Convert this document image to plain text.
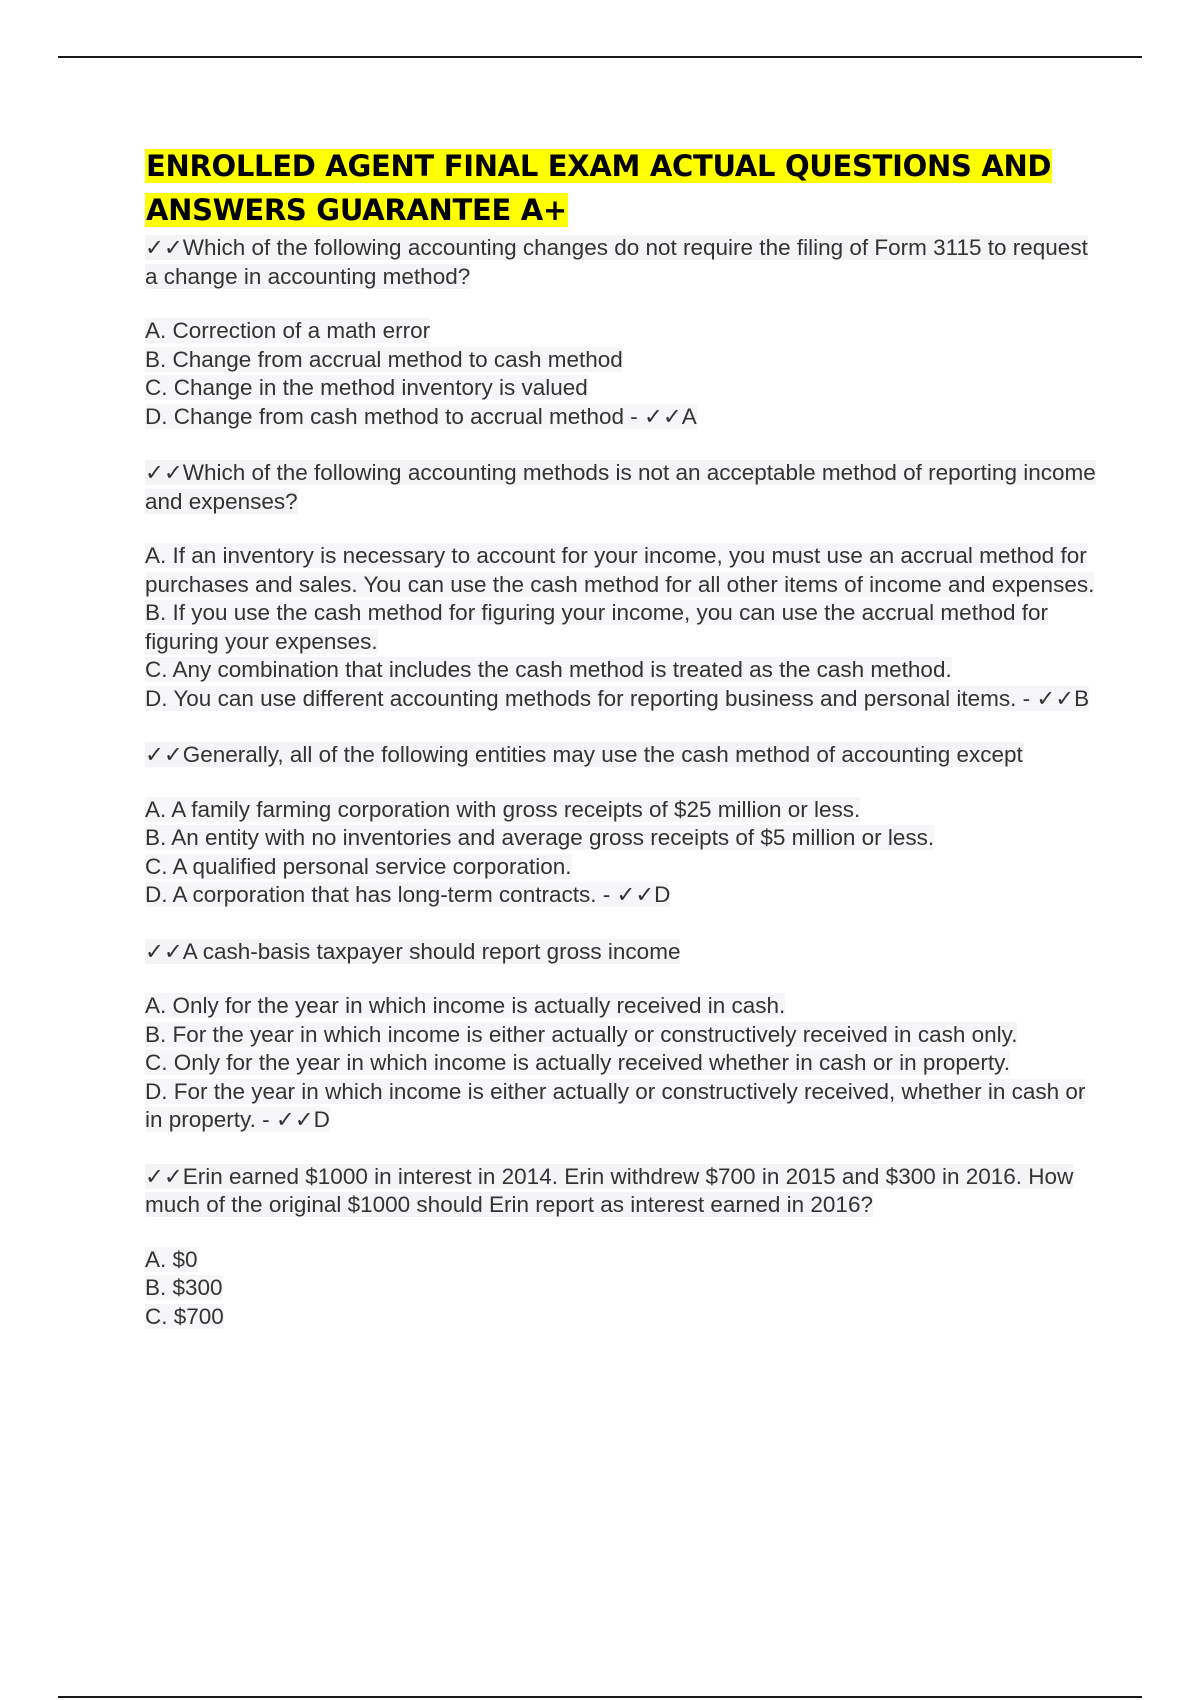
ENROLLED AGENT FINAL EXAM ACTUAL QUESTIONS AND ANSWERS GUARANTEE A+

✓✓Which of the following accounting changes do not require the filing of Form 3115 to request a change in accounting method?

A. Correction of a math error
B. Change from accrual method to cash method
C. Change in the method inventory is valued
D. Change from cash method to accrual method - ✓✓A

✓✓Which of the following accounting methods is not an acceptable method of reporting income and expenses?

A. If an inventory is necessary to account for your income, you must use an accrual method for purchases and sales. You can use the cash method for all other items of income and expenses.
B. If you use the cash method for figuring your income, you can use the accrual method for figuring your expenses.
C. Any combination that includes the cash method is treated as the cash method.
D. You can use different accounting methods for reporting business and personal items. - ✓✓B

✓✓Generally, all of the following entities may use the cash method of accounting except

A. A family farming corporation with gross receipts of $25 million or less.
B. An entity with no inventories and average gross receipts of $5 million or less.
C. A qualified personal service corporation.
D. A corporation that has long-term contracts. - ✓✓D

✓✓A cash-basis taxpayer should report gross income

A. Only for the year in which income is actually received in cash.
B. For the year in which income is either actually or constructively received in cash only.
C. Only for the year in which income is actually received whether in cash or in property.
D. For the year in which income is either actually or constructively received, whether in cash or in property. - ✓✓D

✓✓Erin earned $1000 in interest in 2014. Erin withdrew $700 in 2015 and $300 in 2016. How much of the original $1000 should Erin report as interest earned in 2016?

A. $0
B. $300
C. $700
